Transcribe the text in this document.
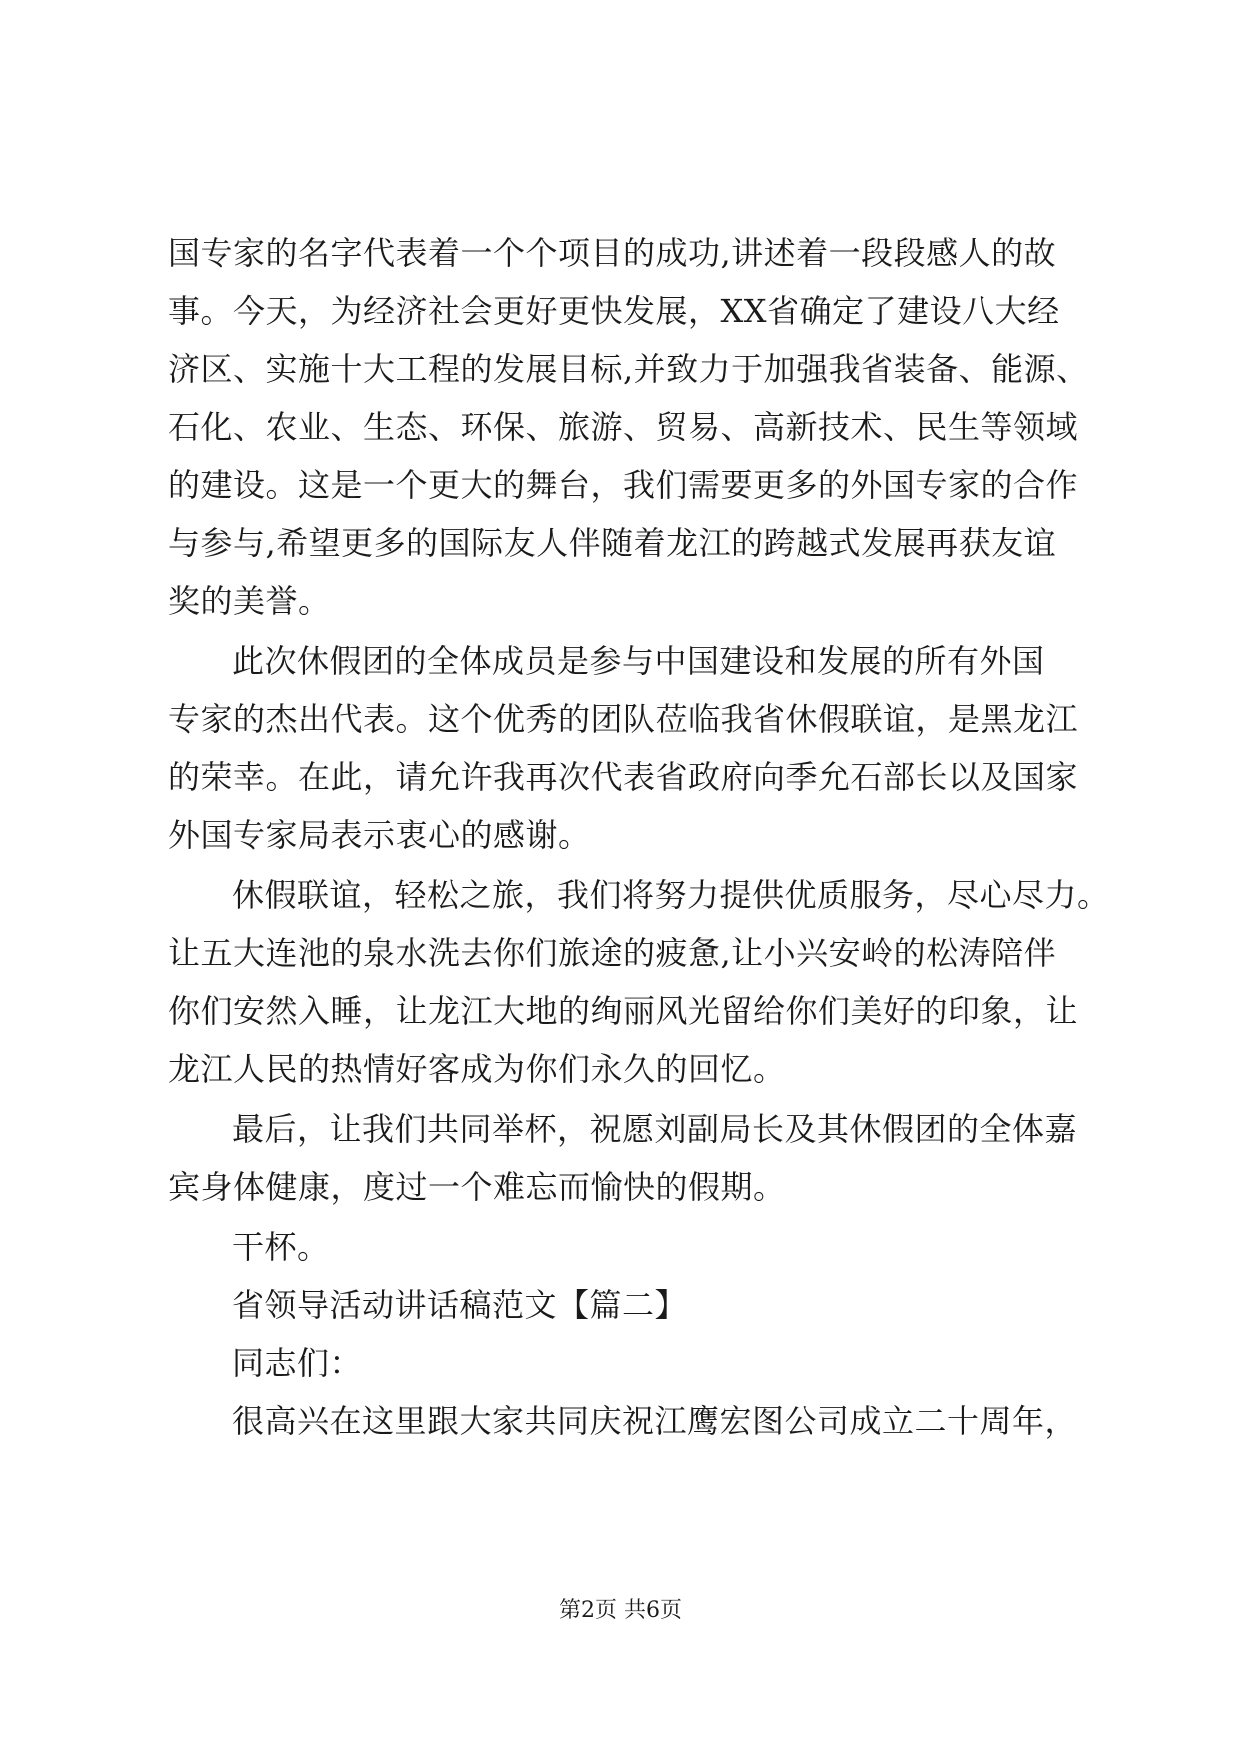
国专家的名字代表着一个个项目的成功,讲述着一段段感人的故
事。今天，为经济社会更好更快发展，XX省确定了建设八大经
济区、实施十大工程的发展目标,并致力于加强我省装备、能源、
石化、农业、生态、环保、旅游、贸易、高新技术、民生等领域
的建设。这是一个更大的舞台，我们需要更多的外国专家的合作
与参与,希望更多的国际友人伴随着龙江的跨越式发展再获友谊
奖的美誉。
此次休假团的全体成员是参与中国建设和发展的所有外国
专家的杰出代表。这个优秀的团队莅临我省休假联谊，是黑龙江
的荣幸。在此，请允许我再次代表省政府向季允石部长以及国家
外国专家局表示衷心的感谢。
休假联谊，轻松之旅，我们将努力提供优质服务，尽心尽力。
让五大连池的泉水洗去你们旅途的疲惫,让小兴安岭的松涛陪伴
你们安然入睡，让龙江大地的绚丽风光留给你们美好的印象，让
龙江人民的热情好客成为你们永久的回忆。
最后，让我们共同举杯，祝愿刘副局长及其休假团的全体嘉
宾身体健康，度过一个难忘而愉快的假期。
干杯。
省领导活动讲话稿范文【篇二】
同志们：
很高兴在这里跟大家共同庆祝江鹰宏图公司成立二十周年，
第2页 共6页
